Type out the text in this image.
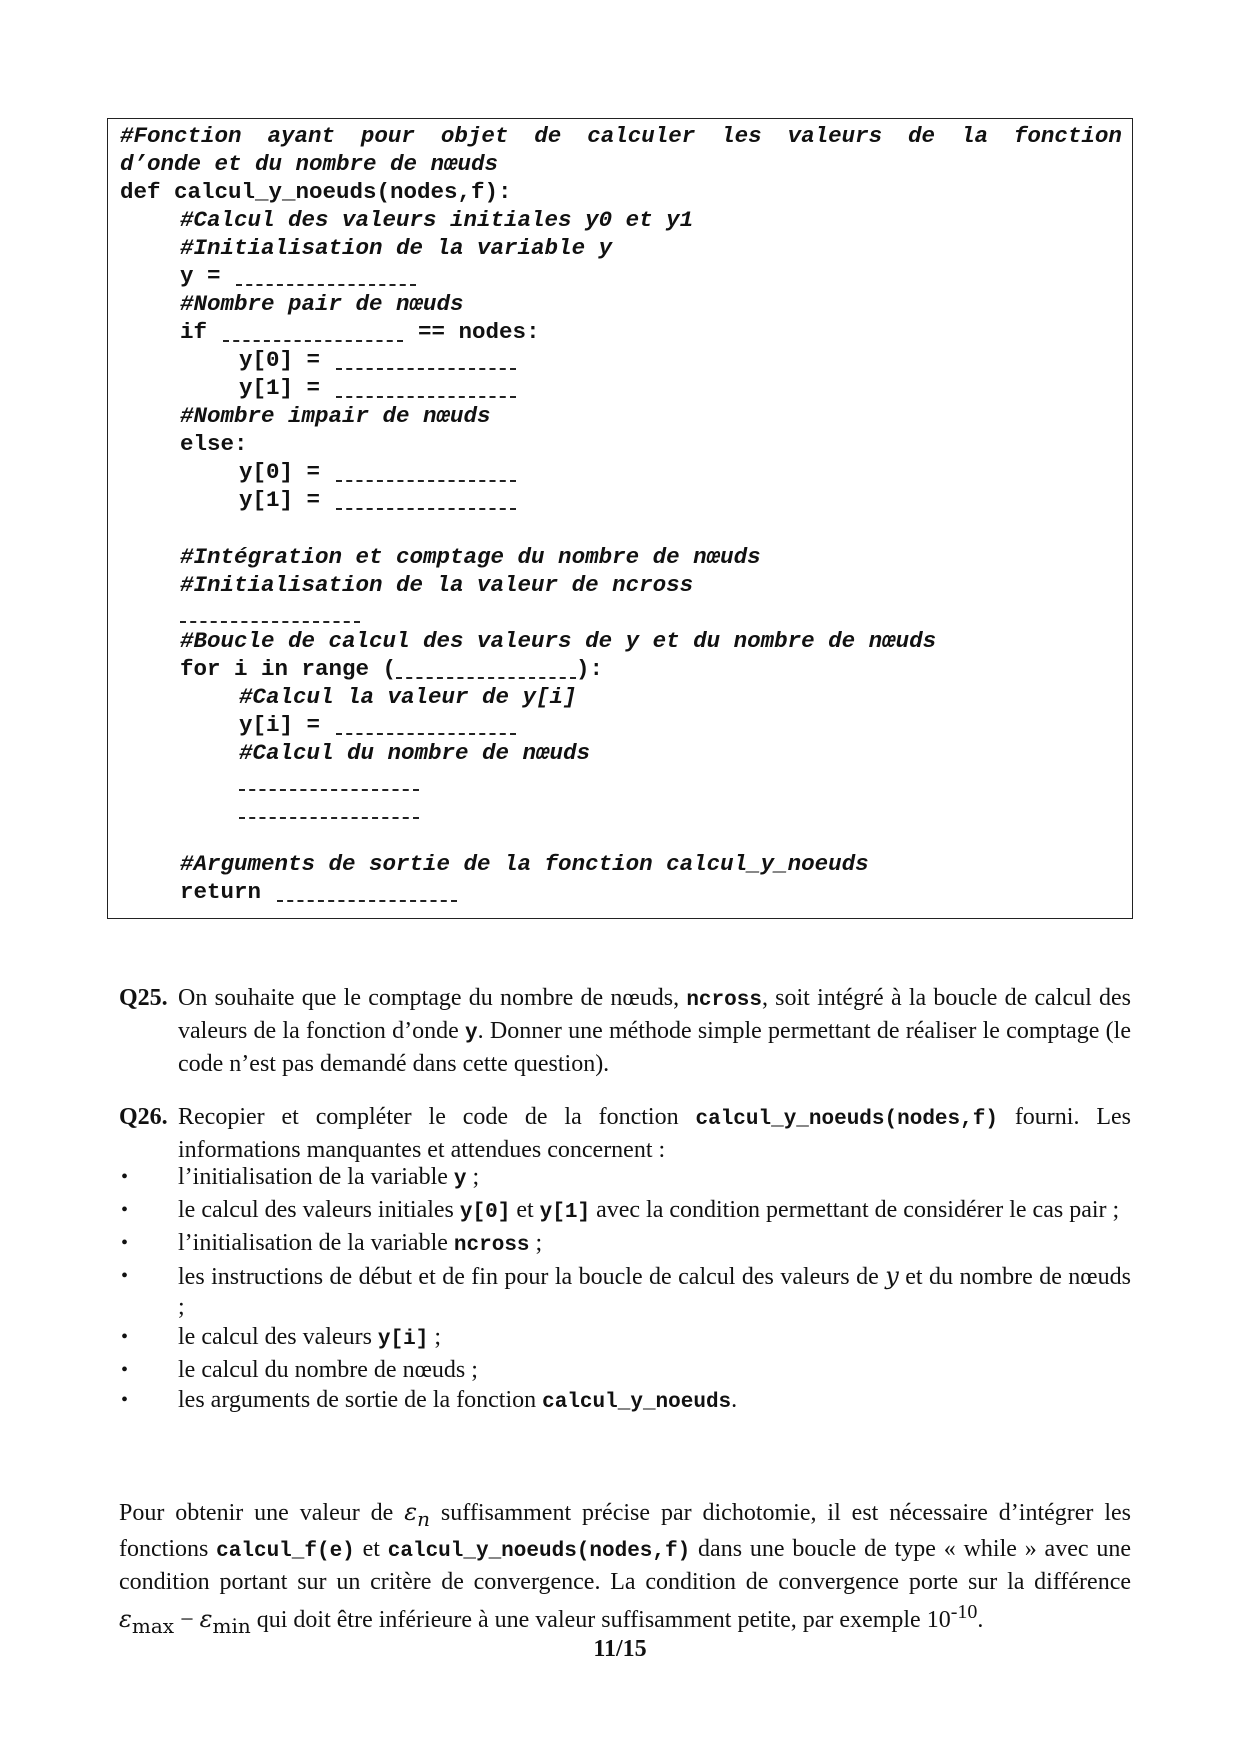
#Fonction ayant pour objet de calculer les valeurs de la fonction
d’onde et du nombre de nœuds
def calcul_y_noeuds(nodes,f):
#Calcul des valeurs initiales y0 et y1
#Initialisation de la variable y
y =
#Nombre pair de nœuds
if	== nodes:
y[0] =
y[1] =
#Nombre impair de nœuds
else:
y[0] =
y[1] =
#Intégration et comptage du nombre de nœuds
#Initialisation de la valeur de ncross
#Boucle de calcul des valeurs de y et du nombre de nœuds
for i in range (	):
#Calcul la valeur de y[i]
y[i] =
#Calcul du nombre de nœuds
#Arguments de sortie de la fonction calcul_y_noeuds
return
Q25. On souhaite que le comptage du nombre de nœuds, ncross, soit intégré à la boucle de calcul des valeurs de la fonction d’onde y. Donner une méthode simple permettant de réaliser le comptage (le code n’est pas demandé dans cette question).
Q26. Recopier et compléter le code de la fonction calcul_y_noeuds(nodes,f) fourni. Les informations manquantes et attendues concernent :
• l’initialisation de la variable y ;
• le calcul des valeurs initiales y[0] et y[1] avec la condition permettant de considérer le cas pair ;
• l’initialisation de la variable ncross ;
• les instructions de début et de fin pour la boucle de calcul des valeurs de y et du nombre de nœuds ;
• le calcul des valeurs y[i] ;
• le calcul du nombre de nœuds ;
• les arguments de sortie de la fonction calcul_y_noeuds.
Pour obtenir une valeur de $\varepsilon_n$ suffisamment précise par dichotomie, il est nécessaire d’intégrer les fonctions calcul_f(e) et calcul_y_noeuds(nodes,f) dans une boucle de type « while » avec une condition portant sur un critère de convergence. La condition de convergence porte sur la différence $\varepsilon_{max} - \varepsilon_{min}$ qui doit être inférieure à une valeur suffisamment petite, par exemple $10^{-10}$.
11/15
